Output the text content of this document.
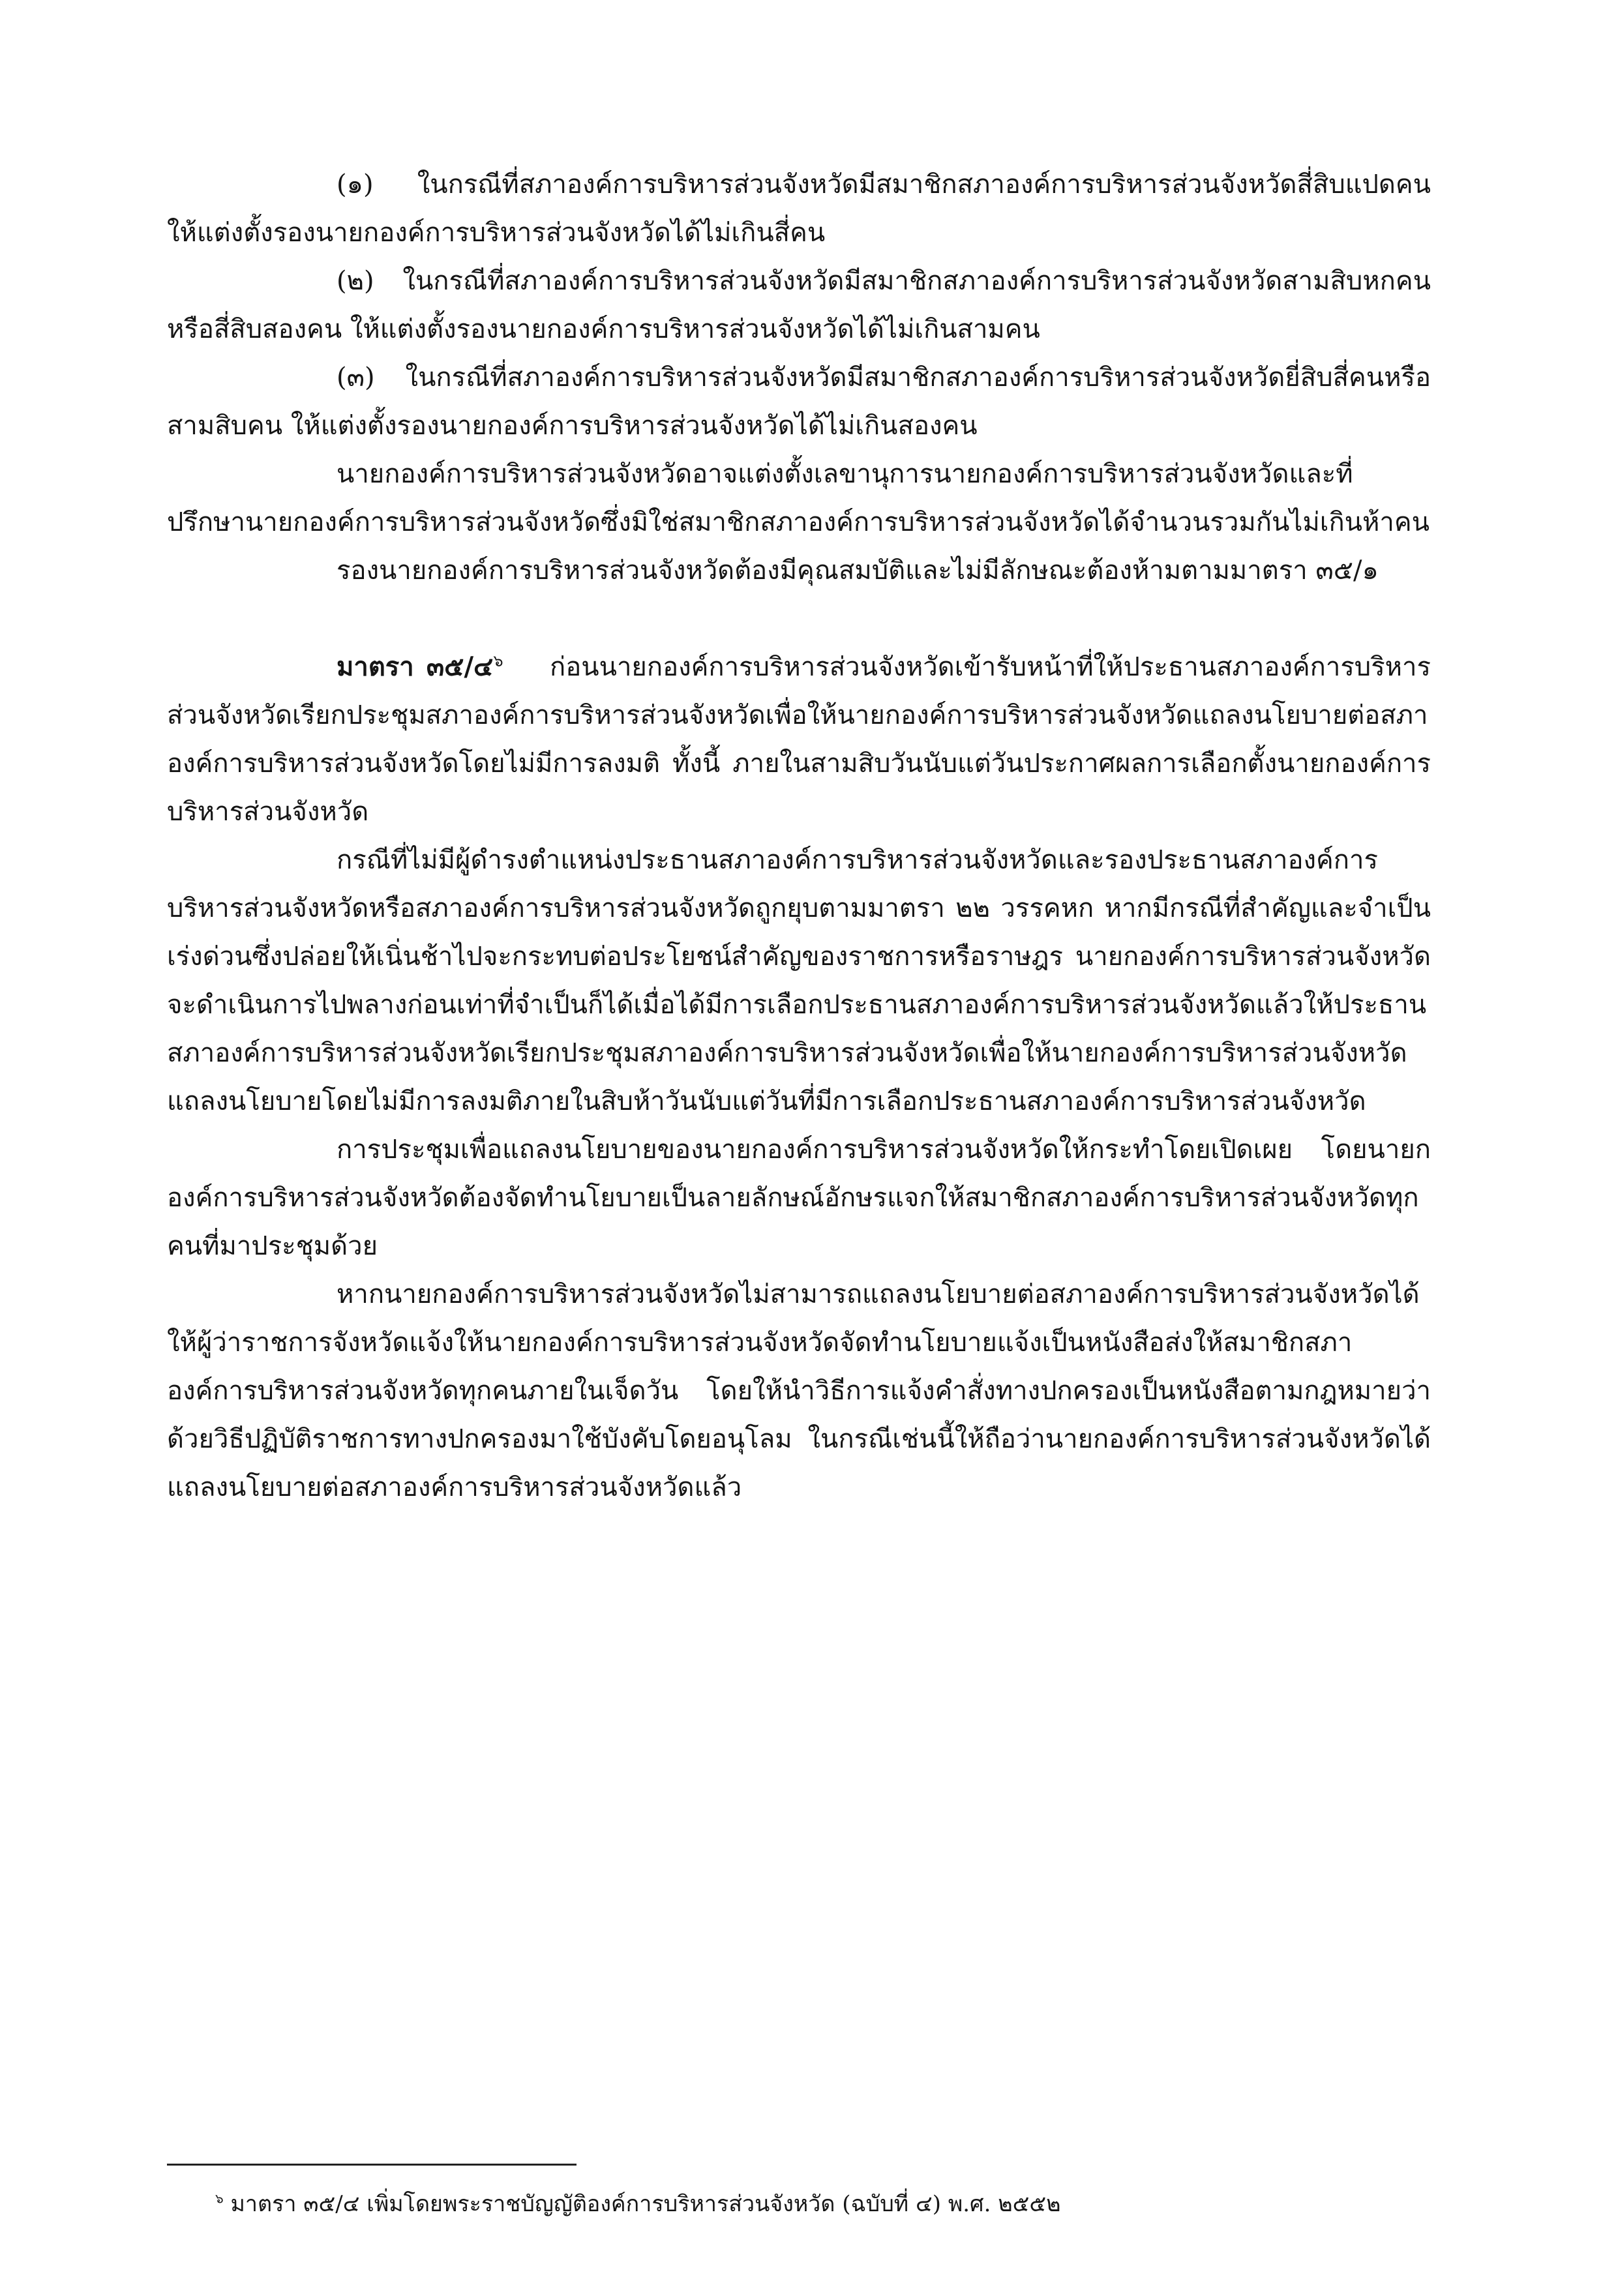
(๑) ในกรณีที่สภาองค์การบริหารส่วนจังหวัดมีสมาชิกสภาองค์การบริหารส่วนจังหวัดสี่สิบแปดคน ให้แต่งตั้งรองนายกองค์การบริหารส่วนจังหวัดได้ไม่เกินสี่คน

(๒) ในกรณีที่สภาองค์การบริหารส่วนจังหวัดมีสมาชิกสภาองค์การบริหารส่วนจังหวัดสามสิบหกคนหรือสี่สิบสองคน ให้แต่งตั้งรองนายกองค์การบริหารส่วนจังหวัดได้ไม่เกินสามคน

(๓) ในกรณีที่สภาองค์การบริหารส่วนจังหวัดมีสมาชิกสภาองค์การบริหารส่วนจังหวัดยี่สิบสี่คนหรือสามสิบคน ให้แต่งตั้งรองนายกองค์การบริหารส่วนจังหวัดได้ไม่เกินสองคน

นายกองค์การบริหารส่วนจังหวัดอาจแต่งตั้งเลขานุการนายกองค์การบริหารส่วนจังหวัดและที่ปรึกษานายกองค์การบริหารส่วนจังหวัดซึ่งมิใช่สมาชิกสภาองค์การบริหารส่วนจังหวัดได้จำนวนรวมกันไม่เกินห้าคน

รองนายกองค์การบริหารส่วนจังหวัดต้องมีคุณสมบัติและไม่มีลักษณะต้องห้ามตามมาตรา ๓๕/๑

มาตรา ๓๕/๔$^๖$ ก่อนนายกองค์การบริหารส่วนจังหวัดเข้ารับหน้าที่ให้ประธานสภาองค์การบริหารส่วนจังหวัดเรียกประชุมสภาองค์การบริหารส่วนจังหวัดเพื่อให้นายกองค์การบริหารส่วนจังหวัดแถลงนโยบายต่อสภาองค์การบริหารส่วนจังหวัดโดยไม่มีการลงมติ ทั้งนี้ ภายในสามสิบวันนับแต่วันประกาศผลการเลือกตั้งนายกองค์การบริหารส่วนจังหวัด

กรณีที่ไม่มีผู้ดำรงตำแหน่งประธานสภาองค์การบริหารส่วนจังหวัดและรองประธานสภาองค์การบริหารส่วนจังหวัดหรือสภาองค์การบริหารส่วนจังหวัดถูกยุบตามมาตรา ๒๒ วรรคหก หากมีกรณีที่สำคัญและจำเป็นเร่งด่วนซึ่งปล่อยให้เนิ่นช้าไปจะกระทบต่อประโยชน์สำคัญของราชการหรือราษฎร นายกองค์การบริหารส่วนจังหวัดจะดำเนินการไปพลางก่อนเท่าที่จำเป็นก็ได้เมื่อได้มีการเลือกประธานสภาองค์การบริหารส่วนจังหวัดแล้วให้ประธานสภาองค์การบริหารส่วนจังหวัดเรียกประชุมสภาองค์การบริหารส่วนจังหวัดเพื่อให้นายกองค์การบริหารส่วนจังหวัดแถลงนโยบายโดยไม่มีการลงมติภายในสิบห้าวันนับแต่วันที่มีการเลือกประธานสภาองค์การบริหารส่วนจังหวัด

การประชุมเพื่อแถลงนโยบายของนายกองค์การบริหารส่วนจังหวัดให้กระทำโดยเปิดเผย โดยนายกองค์การบริหารส่วนจังหวัดต้องจัดทำนโยบายเป็นลายลักษณ์อักษรแจกให้สมาชิกสภาองค์การบริหารส่วนจังหวัดทุกคนที่มาประชุมด้วย

หากนายกองค์การบริหารส่วนจังหวัดไม่สามารถแถลงนโยบายต่อสภาองค์การบริหารส่วนจังหวัดได้ให้ผู้ว่าราชการจังหวัดแจ้งให้นายกองค์การบริหารส่วนจังหวัดจัดทำนโยบายแจ้งเป็นหนังสือส่งให้สมาชิกสภาองค์การบริหารส่วนจังหวัดทุกคนภายในเจ็ดวัน โดยให้นำวิธีการแจ้งคำสั่งทางปกครองเป็นหนังสือตามกฎหมายว่าด้วยวิธีปฏิบัติราชการทางปกครองมาใช้บังคับโดยอนุโลม ในกรณีเช่นนี้ให้ถือว่านายกองค์การบริหารส่วนจังหวัดได้แถลงนโยบายต่อสภาองค์การบริหารส่วนจังหวัดแล้ว

$^๖$ มาตรา ๓๕/๔ เพิ่มโดยพระราชบัญญัติองค์การบริหารส่วนจังหวัด (ฉบับที่ ๔) พ.ศ. ๒๕๕๒
